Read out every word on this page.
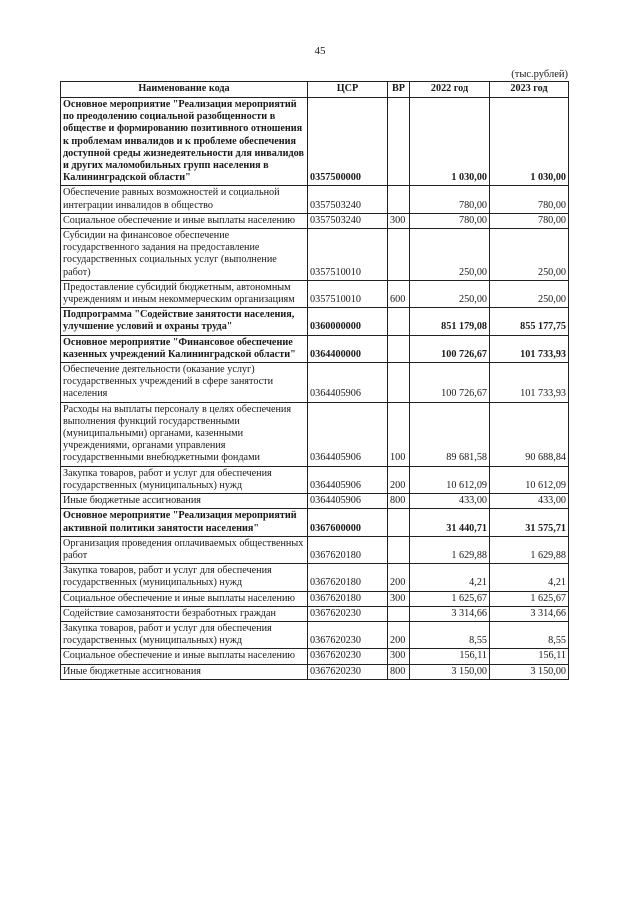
45
(тыс.рублей)
Наименование кода	ЦСР	ВР	2022 год	2023 год
Основное мероприятие "Реализация мероприятий по преодолению социальной разобщенности в обществе и формированию позитивного отношения к проблемам инвалидов и к проблеме обеспечения доступной среды жизнедеятельности для инвалидов и других маломобильных групп населения в Калининградской области"	0357500000		1 030,00	1 030,00
Обеспечение равных возможностей и социальной интеграции инвалидов в общество	0357503240		780,00	780,00
Социальное обеспечение и иные выплаты населению	0357503240	300	780,00	780,00
Субсидии на финансовое обеспечение государственного задания на предоставление государственных социальных услуг (выполнение работ)	0357510010		250,00	250,00
Предоставление субсидий бюджетным, автономным учреждениям и иным некоммерческим организациям	0357510010	600	250,00	250,00
Подпрограмма "Содействие занятости населения, улучшение условий и охраны труда"	0360000000		851 179,08	855 177,75
Основное мероприятие "Финансовое обеспечение казенных учреждений Калининградской области"	0364400000		100 726,67	101 733,93
Обеспечение деятельности (оказание услуг) государственных учреждений в сфере занятости населения	0364405906		100 726,67	101 733,93
Расходы на выплаты персоналу в целях обеспечения выполнения функций государственными (муниципальными) органами, казенными учреждениями, органами управления государственными внебюджетными фондами	0364405906	100	89 681,58	90 688,84
Закупка товаров, работ и услуг для обеспечения государственных (муниципальных) нужд	0364405906	200	10 612,09	10 612,09
Иные бюджетные ассигнования	0364405906	800	433,00	433,00
Основное мероприятие "Реализация мероприятий активной политики занятости населения"	0367600000		31 440,71	31 575,71
Организация проведения оплачиваемых общественных работ	0367620180		1 629,88	1 629,88
Закупка товаров, работ и услуг для обеспечения государственных (муниципальных) нужд	0367620180	200	4,21	4,21
Социальное обеспечение и иные выплаты населению	0367620180	300	1 625,67	1 625,67
Содействие самозанятости безработных граждан	0367620230		3 314,66	3 314,66
Закупка товаров, работ и услуг для обеспечения государственных (муниципальных) нужд	0367620230	200	8,55	8,55
Социальное обеспечение и иные выплаты населению	0367620230	300	156,11	156,11
Иные бюджетные ассигнования	0367620230	800	3 150,00	3 150,00
